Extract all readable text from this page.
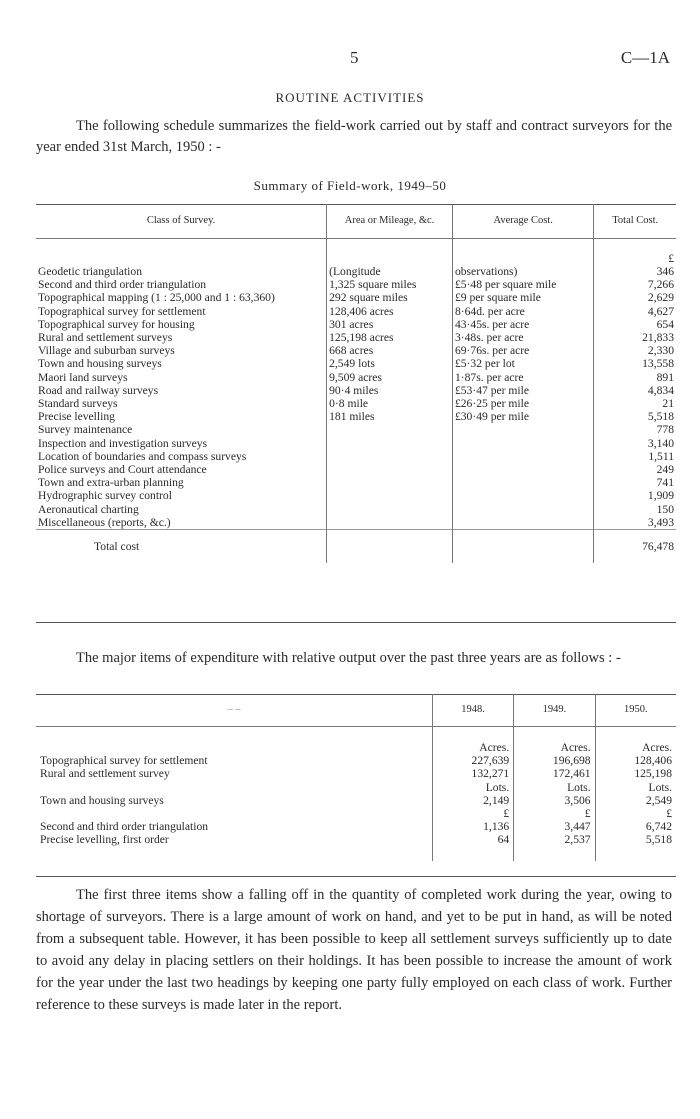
5	C—1A
ROUTINE ACTIVITIES

The following schedule summarizes the field-work carried out by staff and contract surveyors for the year ended 31st March, 1950 : -

Summary of Field-work, 1949–50
Class of Survey.	Area or Mileage, &c.	Average Cost.	Total Cost.
			£
Geodetic triangulation	(Longitude	observations)	346
Second and third order triangulation	1,325 square miles	£5·48 per square mile	7,266
Topographical mapping (1 : 25,000 and 1 : 63,360)	292 square miles	£9 per square mile	2,629
Topographical survey for settlement	128,406 acres	8·64d. per acre	4,627
Topographical survey for housing	301 acres	43·45s. per acre	654
Rural and settlement surveys	125,198 acres	3·48s. per acre	21,833
Village and suburban surveys	668 acres	69·76s. per acre	2,330
Town and housing surveys	2,549 lots	£5·32 per lot	13,558
Maori land surveys	9,509 acres	1·87s. per acre	891
Road and railway surveys	90·4 miles	£53·47 per mile	4,834
Standard surveys	0·8 mile	£26·25 per mile	21
Precise levelling	181 miles	£30·49 per mile	5,518
Survey maintenance			778
Inspection and investigation surveys			3,140
Location of boundaries and compass surveys			1,511
Police surveys and Court attendance			249
Town and extra-urban planning			741
Hydrographic survey control			1,909
Aeronautical charting			150
Miscellaneous (reports, &c.)			3,493
Total cost			76,478

The major items of expenditure with relative output over the past three years are as follows : -

– –	1948.	1949.	1950.

	Acres.	Acres.	Acres.
Topographical survey for settlement	227,639	196,698	128,406
Rural and settlement survey	132,271	172,461	125,198
	Lots.	Lots.	Lots.
Town and housing surveys	2,149	3,506	2,549
	£	£	£
Second and third order triangulation	1,136	3,447	6,742
Precise levelling, first order	64	2,537	5,518

The first three items show a falling off in the quantity of completed work during the year, owing to shortage of surveyors. There is a large amount of work on hand, and yet to be put in hand, as will be noted from a subsequent table. However, it has been possible to keep all settlement surveys sufficiently up to date to avoid any delay in placing settlers on their holdings. It has been possible to increase the amount of work for the year under the last two headings by keeping one party fully employed on each class of work. Further reference to these surveys is made later in the report.
